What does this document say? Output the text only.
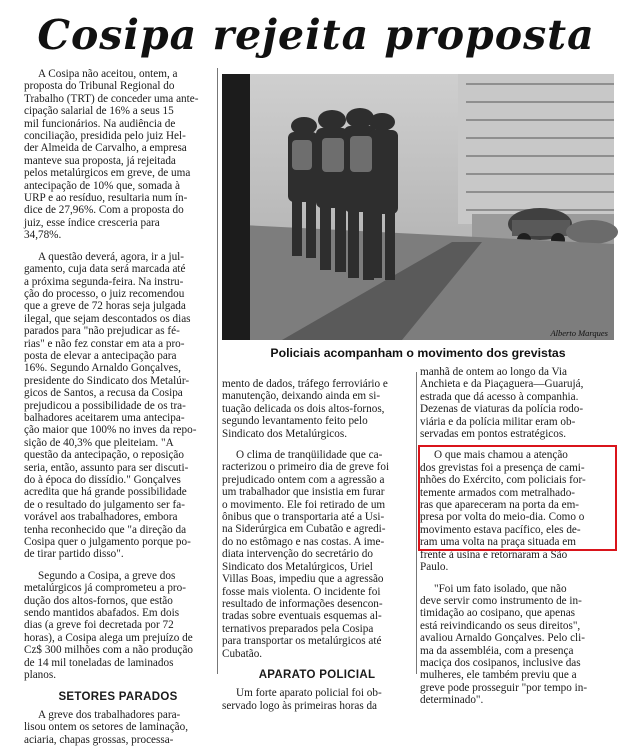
Cosipa rejeita proposta

A Cosipa não aceitou, ontem, a
proposta do Tribunal Regional do
Trabalho (TRT) de conceder uma ante-
cipação salarial de 16% a seus 15
mil funcionários. Na audiência de
conciliação, presidida pelo juiz Hel-
der Almeida de Carvalho, a empresa
manteve sua proposta, já rejeitada
pelos metalúrgicos em greve, de uma
antecipação de 10% que, somada à
URP e ao resíduo, resultaria num ín-
dice de 27,96%. Com a proposta do
juiz, esse índice cresceria para
34,78%.

A questão deverá, agora, ir a jul-
gamento, cuja data será marcada até
a próxima segunda-feira. Na instru-
ção do processo, o juiz recomendou
que a greve de 72 horas seja julgada
ilegal, que sejam descontados os dias
parados para "não prejudicar as fé-
rias" e não fez constar em ata a pro-
posta de elevar a antecipação para
16%. Segundo Arnaldo Gonçalves,
presidente do Sindicato dos Metalúr-
gicos de Santos, a recusa da Cosipa
prejudicou a possibilidade de os tra-
balhadores aceitarem uma antecipa-
ção maior que 100% no inves da repo-
sição de 40,3% que pleiteiam. "A
questão da antecipação, o reposição
seria, então, assunto para ser discuti-
do à época do dissídio." Gonçalves
acredita que há grande possibilidade
de o resultado do julgamento ser fa-
vorável aos trabalhadores, embora
tenha reconhecido que "a direção da
Cosipa quer o julgamento porque po-
de tirar partido disso".

Segundo a Cosipa, a greve dos
metalúrgicos já comprometeu a pro-
dução dos altos-fornos, que estão
sendo mantidos abafados. Em dois
dias (a greve foi decretada por 72
horas), a Cosipa alega um prejuízo de
Cz$ 300 milhões com a não produção
de 14 mil toneladas de laminados
planos.

SETORES PARADOS

A greve dos trabalhadores para-
lisou ontem os setores de laminação,
aciaria, chapas grossas, processa-

Alberto Marques

Policiais acompanham o movimento dos grevistas

mento de dados, tráfego ferroviário e
manutenção, deixando ainda em si-
tuação delicada os dois altos-fornos,
segundo levantamento feito pelo
Sindicato dos Metalúrgicos.

O clima de tranqüilidade que ca-
racterizou o primeiro dia de greve foi
prejudicado ontem com a agressão a
um trabalhador que insistia em furar
o movimento. Ele foi retirado de um
ônibus que o transportaria até a Usi-
na Siderúrgica em Cubatão e agredi-
do no estômago e nas costas. A ime-
diata intervenção do secretário do
Sindicato dos Metalúrgicos, Uriel
Villas Boas, impediu que a agressão
fosse mais violenta. O incidente foi
resultado de informações desencon-
tradas sobre eventuais esquemas al-
ternativos preparados pela Cosipa
para transportar os metalúrgicos até
Cubatão.

APARATO POLICIAL

Um forte aparato policial foi ob-
servado logo às primeiras horas da

manhã de ontem ao longo da Via
Anchieta e da Piaçaguera—Guarujá,
estrada que dá acesso à companhia.
Dezenas de viaturas da polícia rodo-
viária e da polícia militar eram ob-
servadas em pontos estratégicos.

O que mais chamou a atenção
dos grevistas foi a presença de cami-
nhões do Exército, com policiais for-
temente armados com metralhado-
ras que apareceram na porta da em-
presa por volta do meio-dia. Como o
movimento estava pacífico, eles de-
ram uma volta na praça situada em
frente à usina e retornaram a São
Paulo.

"Foi um fato isolado, que não
deve servir como instrumento de in-
timidação ao cosipano, que apenas
está reivindicando os seus direitos",
avaliou Arnaldo Gonçalves. Pelo cli-
ma da assembléia, com a presença
maciça dos cosipanos, inclusive das
mulheres, ele também previu que a
greve pode prosseguir "por tempo in-
determinado".
